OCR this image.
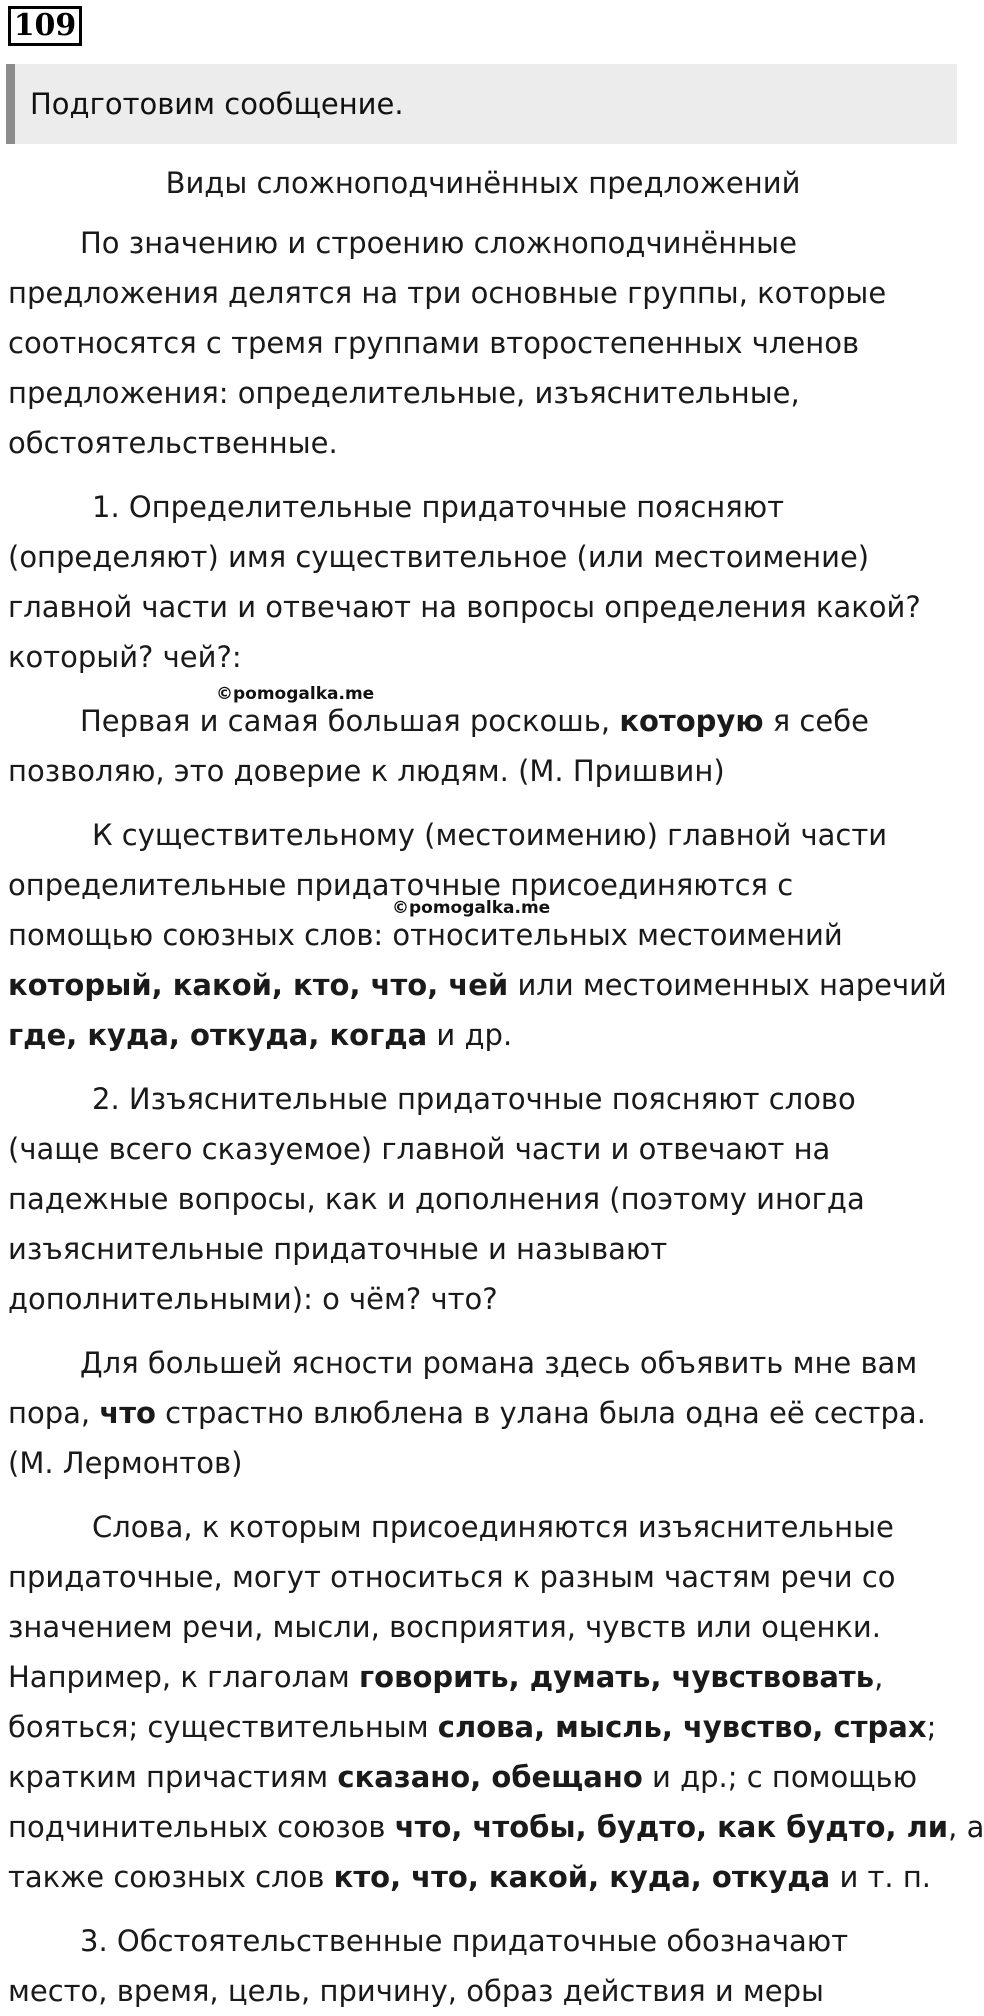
109
Подготовим сообщение.
©pomogalka.me
©pomogalka.me

Виды сложноподчинённых предложений

По значению и строению сложноподчинённые
предложения делятся на три основные группы, которые
соотносятся с тремя группами второстепенных членов
предложения: определительные, изъяснительные,
обстоятельственные.

1. Определительные придаточные поясняют
(определяют) имя существительное (или местоимение)
главной части и отвечают на вопросы определения какой?
который? чей?:

Первая и самая большая роскошь, которую я себе
позволяю, это доверие к людям. (М. Пришвин)

К существительному (местоимению) главной части
определительные придаточные присоединяются с
помощью союзных слов: относительных местоимений
который, какой, кто, что, чей или местоименных наречий
где, куда, откуда, когда и др.

2. Изъяснительные придаточные поясняют слово
(чаще всего сказуемое) главной части и отвечают на
падежные вопросы, как и дополнения (поэтому иногда
изъяснительные придаточные и называют
дополнительными): о чём? что?

Для большей ясности романа здесь объявить мне вам
пора, что страстно влюблена в улана была одна её сестра.
(М. Лермонтов)

Слова, к которым присоединяются изъяснительные
придаточные, могут относиться к разным частям речи со
значением речи, мысли, восприятия, чувств или оценки.
Например, к глаголам говорить, думать, чувствовать,
бояться; существительным слова, мысль, чувство, страх;
кратким причастиям сказано, обещано и др.; с помощью
подчинительных союзов что, чтобы, будто, как будто, ли, а
также союзных слов кто, что, какой, куда, откуда и т. п.

3. Обстоятельственные придаточные обозначают
место, время, цель, причину, образ действия и меры
